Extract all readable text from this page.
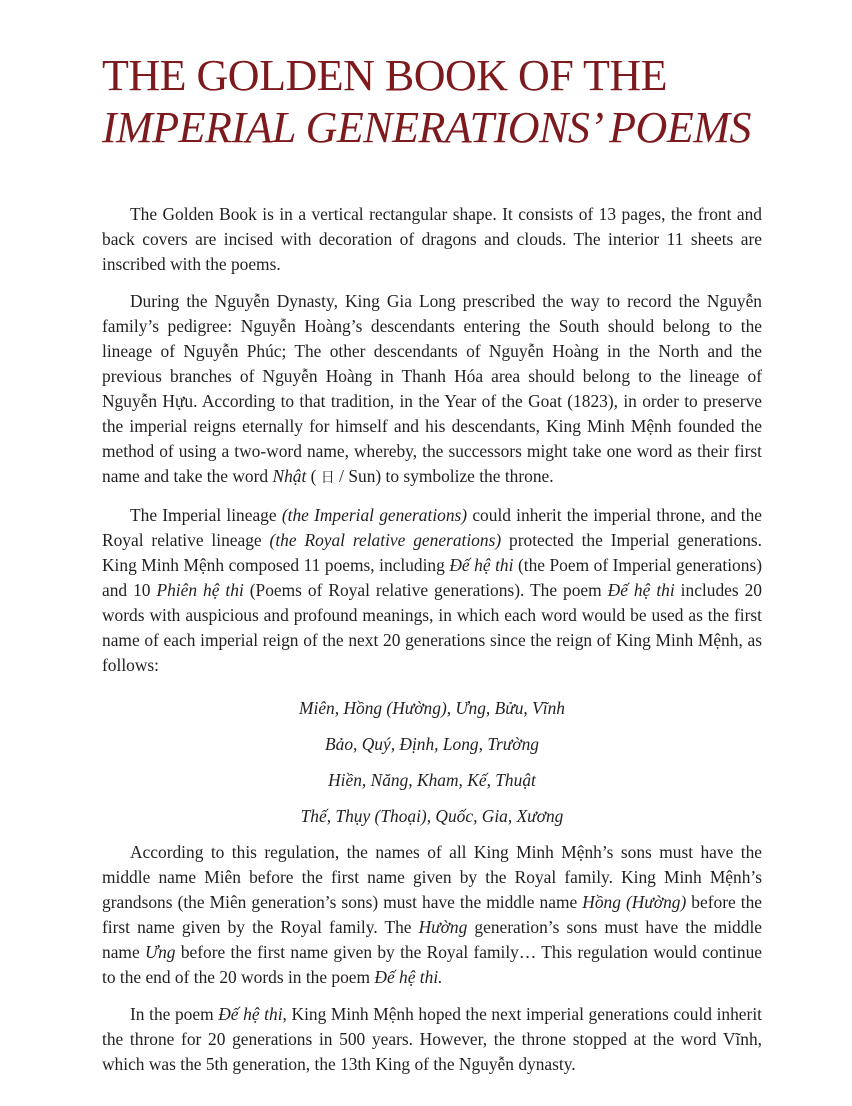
THE GOLDEN BOOK OF THE
IMPERIAL GENERATIONS’ POEMS

The Golden Book is in a vertical rectangular shape. It consists of 13 pages, the front and back covers are incised with decoration of dragons and clouds. The interior 11 sheets are inscribed with the poems.

During the Nguyễn Dynasty, King Gia Long prescribed the way to record the Nguyễn family’s pedigree: Nguyễn Hoàng’s descendants entering the South should belong to the lineage of Nguyễn Phúc; The other descendants of Nguyễn Hoàng in the North and the previous branches of Nguyễn Hoàng in Thanh Hóa area should belong to the lineage of Nguyễn Hựu. According to that tradition, in the Year of the Goat (1823), in order to preserve the imperial reigns eternally for himself and his descendants, King Minh Mệnh founded the method of using a two-word name, whereby, the successors might take one word as their first name and take the word Nhật ( 日 / Sun) to symbolize the throne.

The Imperial lineage (the Imperial generations) could inherit the imperial throne, and the Royal relative lineage (the Royal relative generations) protected the Imperial generations. King Minh Mệnh composed 11 poems, including Đế hệ thi (the Poem of Imperial generations) and 10 Phiên hệ thi (Poems of Royal relative generations). The poem Đế hệ thi includes 20 words with auspicious and profound meanings, in which each word would be used as the first name of each imperial reign of the next 20 generations since the reign of King Minh Mệnh, as follows:

Miên, Hồng (Hường), Ưng, Bửu, Vĩnh
Bảo, Quý, Định, Long, Trường
Hiền, Năng, Kham, Kế, Thuật
Thế, Thụy (Thoại), Quốc, Gia, Xương

According to this regulation, the names of all King Minh Mệnh’s sons must have the middle name Miên before the first name given by the Royal family. King Minh Mệnh’s grandsons (the Miên generation’s sons) must have the middle name Hồng (Hường) before the first name given by the Royal family. The Hường generation’s sons must have the middle name Ưng before the first name given by the Royal family… This regulation would continue to the end of the 20 words in the poem Đế hệ thi.

In the poem Đế hệ thi, King Minh Mệnh hoped the next imperial generations could inherit the throne for 20 generations in 500 years. However, the throne stopped at the word Vĩnh, which was the 5th generation, the 13th King of the Nguyễn dynasty.
